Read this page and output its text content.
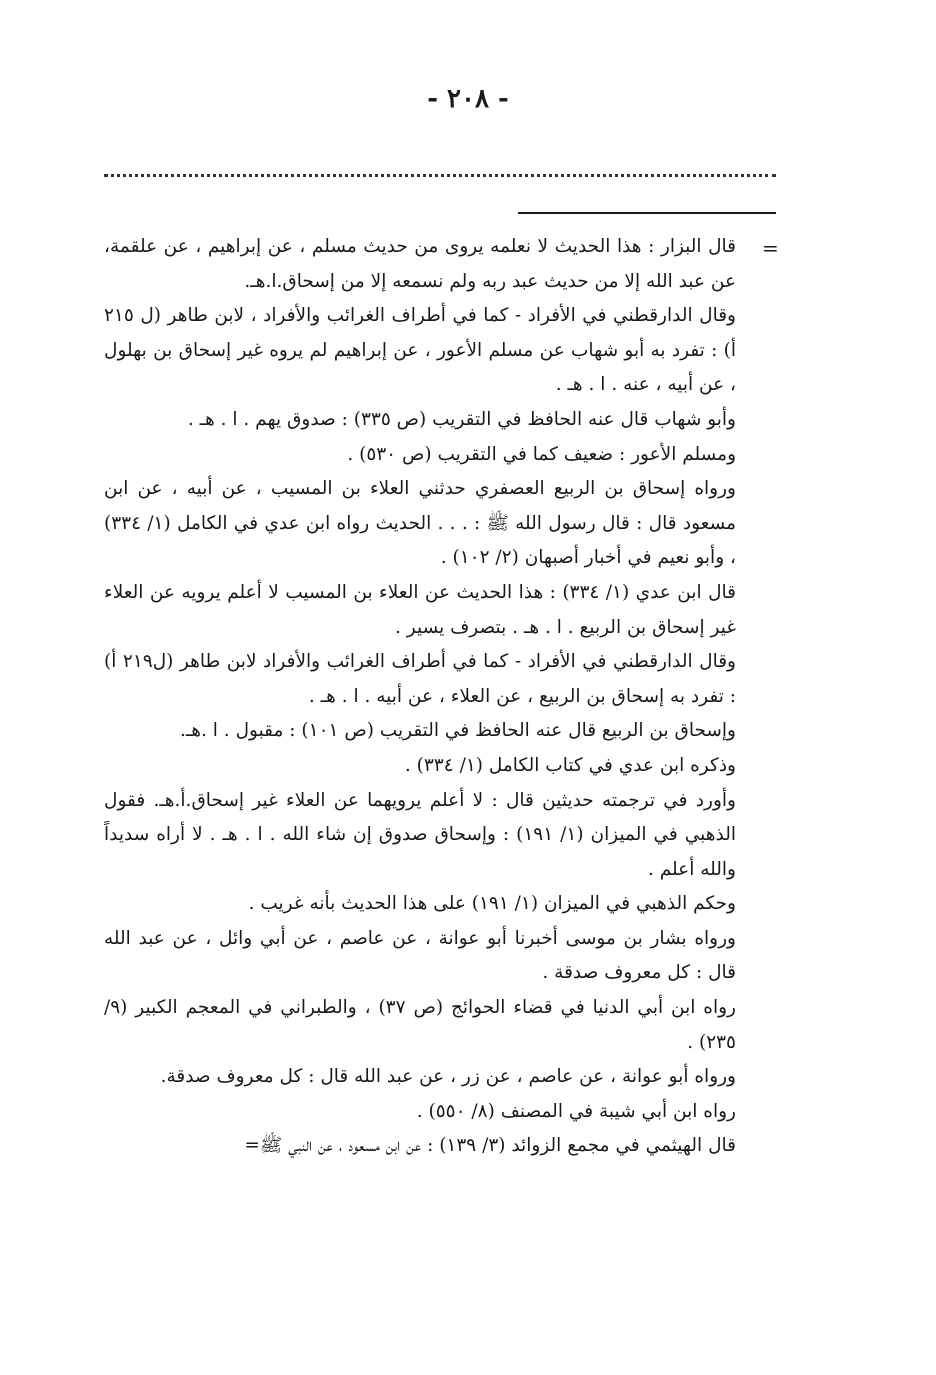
- ٢٠٨ -
=

قال البزار : هذا الحديث لا نعلمه يروى من حديث مسلم ، عن إبراهيم ، عن علقمة، عن عبد الله إلا من حديث عبد ربه ولم نسمعه إلا من إسحاق.ا.هـ.

وقال الدارقطني في الأفراد - كما في أطراف الغرائب والأفراد ، لابن طاهر (ل ٢١٥ أ) : تفرد به أبو شهاب عن مسلم الأعور ، عن إبراهيم لم يروه غير إسحاق بن بهلول ، عن أبيه ، عنه . ا . هـ .

وأبو شهاب قال عنه الحافظ في التقريب (ص ٣٣٥) : صدوق يهم . ا . هـ .

ومسلم الأعور : ضعيف كما في التقريب (ص ٥٣٠) .

ورواه إسحاق بن الربيع العصفري حدثني العلاء بن المسيب ، عن أبيه ، عن ابن مسعود قال : قال رسول الله ﷺ : . . . الحديث رواه ابن عدي في الكامل (١/ ٣٣٤) ، وأبو نعيم في أخبار أصبهان (٢/ ١٠٢) .

قال ابن عدي (١/ ٣٣٤) : هذا الحديث عن العلاء بن المسيب لا أعلم يرويه عن العلاء غير إسحاق بن الربيع . ا . هـ . بتصرف يسير .

وقال الدارقطني في الأفراد - كما في أطراف الغرائب والأفراد لابن طاهر (ل٢١٩ أ) : تفرد به إسحاق بن الربيع ، عن العلاء ، عن أبيه . ا . هـ .

وإسحاق بن الربيع قال عنه الحافظ في التقريب (ص ١٠١) : مقبول . ا .هـ.

وذكره ابن عدي في كتاب الكامل (١/ ٣٣٤) .

وأورد في ترجمته حديثين قال : لا أعلم يرويهما عن العلاء غير إسحاق.أ.هـ. فقول الذهبي في الميزان (١/ ١٩١) : وإسحاق صدوق إن شاء الله . ا . هـ . لا أراه سديداً والله أعلم .

وحكم الذهبي في الميزان (١/ ١٩١) على هذا الحديث بأنه غريب .

ورواه بشار بن موسى أخبرنا أبو عوانة ، عن عاصم ، عن أبي وائل ، عن عبد الله قال : كل معروف صدقة .

رواه ابن أبي الدنيا في قضاء الحوائج (ص ٣٧) ، والطبراني في المعجم الكبير (٩/ ٢٣٥) .

ورواه أبو عوانة ، عن عاصم ، عن زر ، عن عبد الله قال : كل معروف صدقة.

رواه ابن أبي شيبة في المصنف (٨/ ٥٥٠) .

قال الهيثمي في مجمع الزوائد (٣/ ١٣٩) : عن ابن مسعود ، عن النبي ﷺ=
